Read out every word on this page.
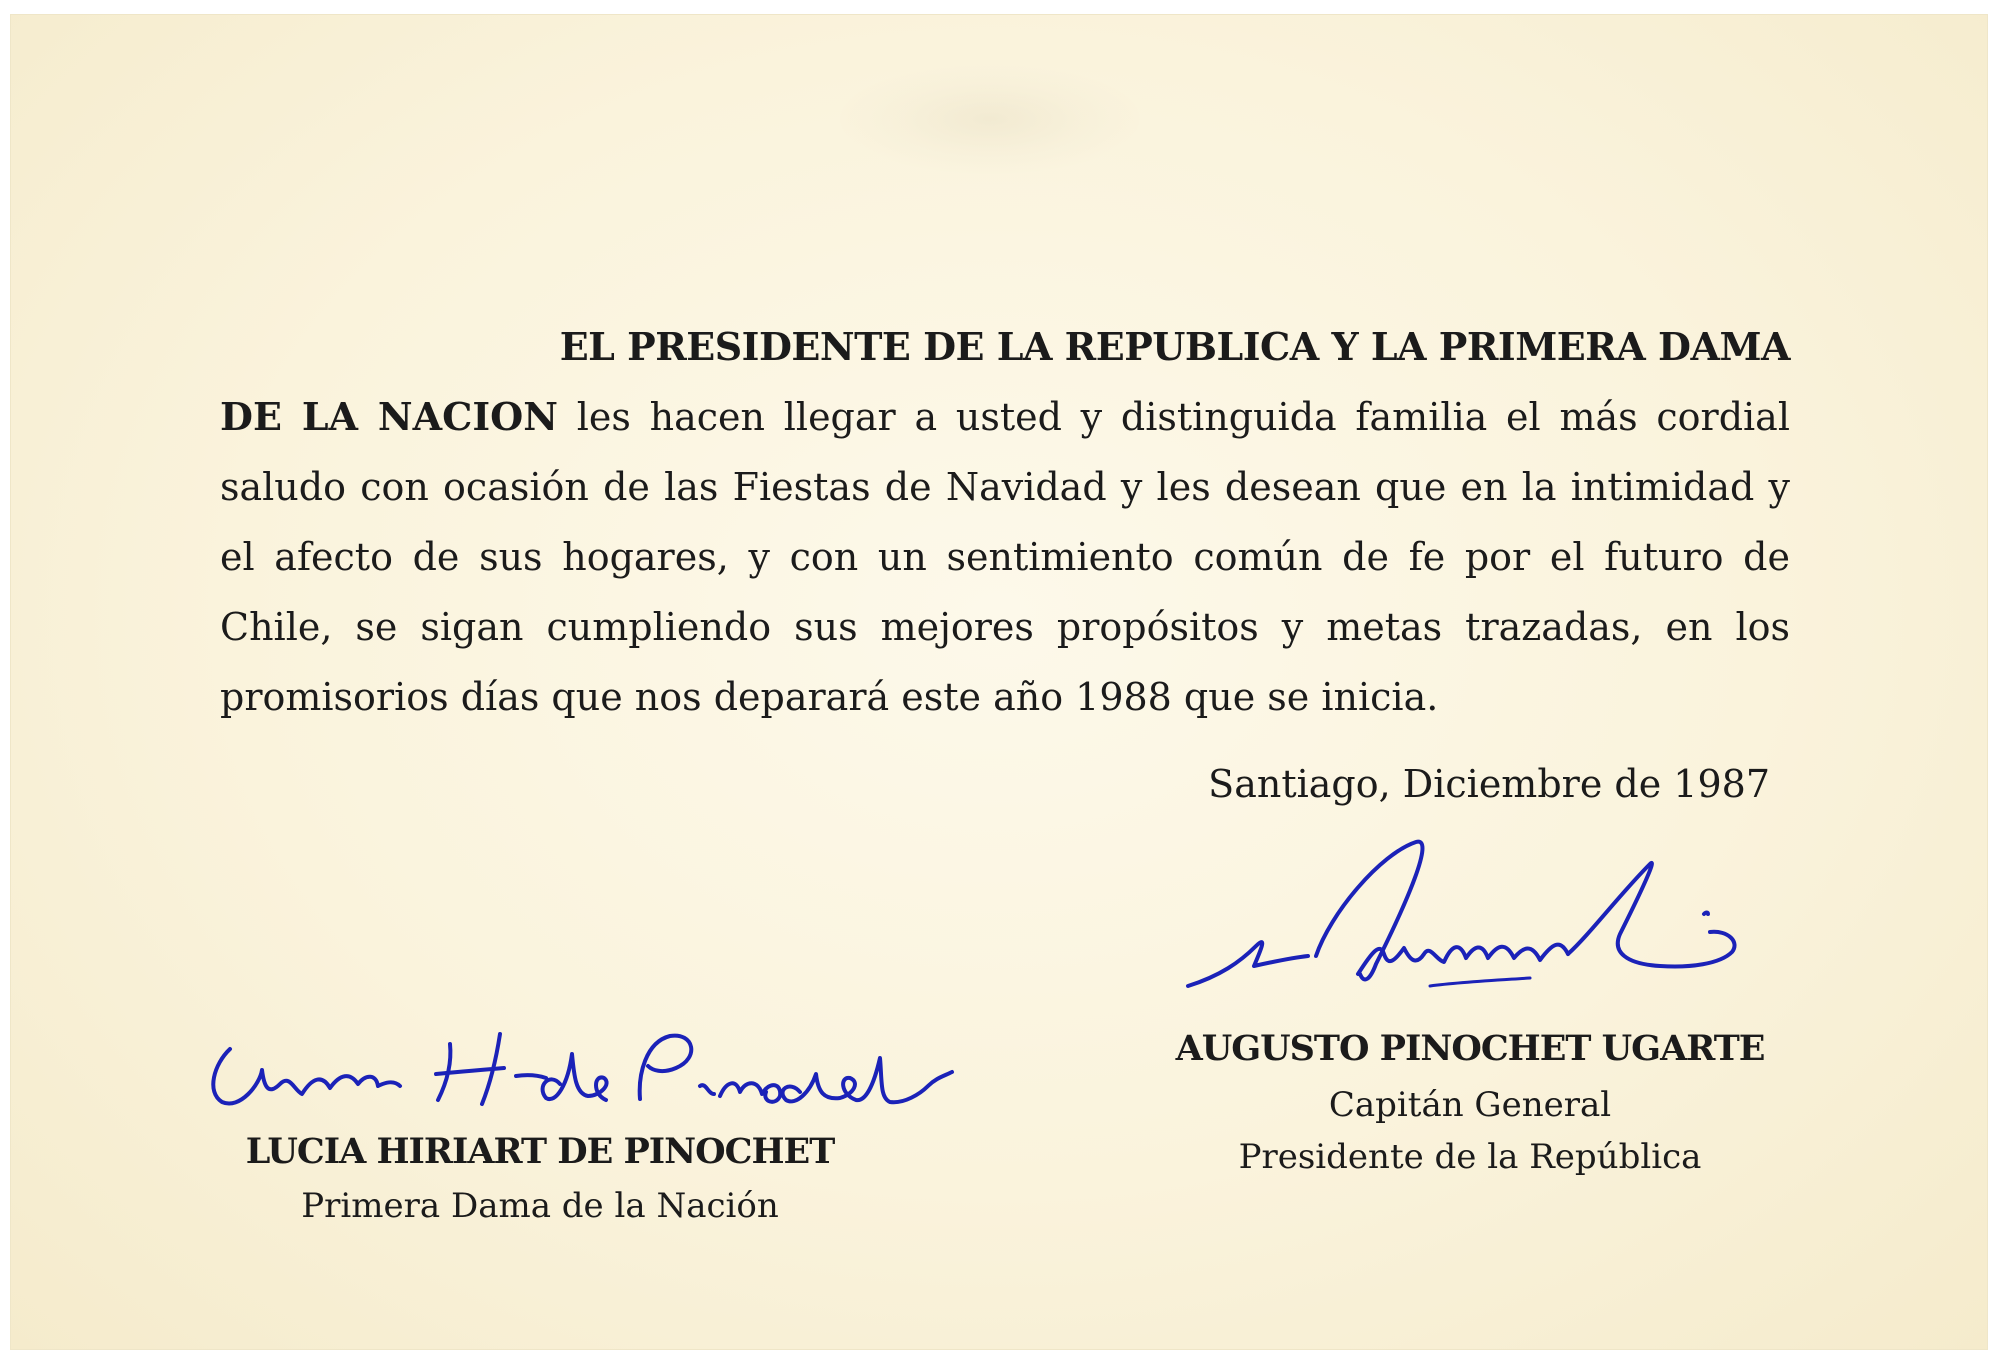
EL PRESIDENTE DE LA REPUBLICA Y LA PRIMERA DAMA
DE LA NACION les hacen llegar a usted y distinguida familia el más cordial saludo con ocasión de las Fiestas de Navidad y les desean que en la intimidad y el afecto de sus hogares, y con un sentimiento común de fe por el futuro de Chile, se sigan cumpliendo sus mejores propósitos y metas trazadas, en los promisorios días que nos deparará este año 1988 que se inicia.
Santiago, Diciembre de 1987
AUGUSTO PINOCHET UGARTE
Capitán General
Presidente de la República
LUCIA HIRIART DE PINOCHET
Primera Dama de la Nación
